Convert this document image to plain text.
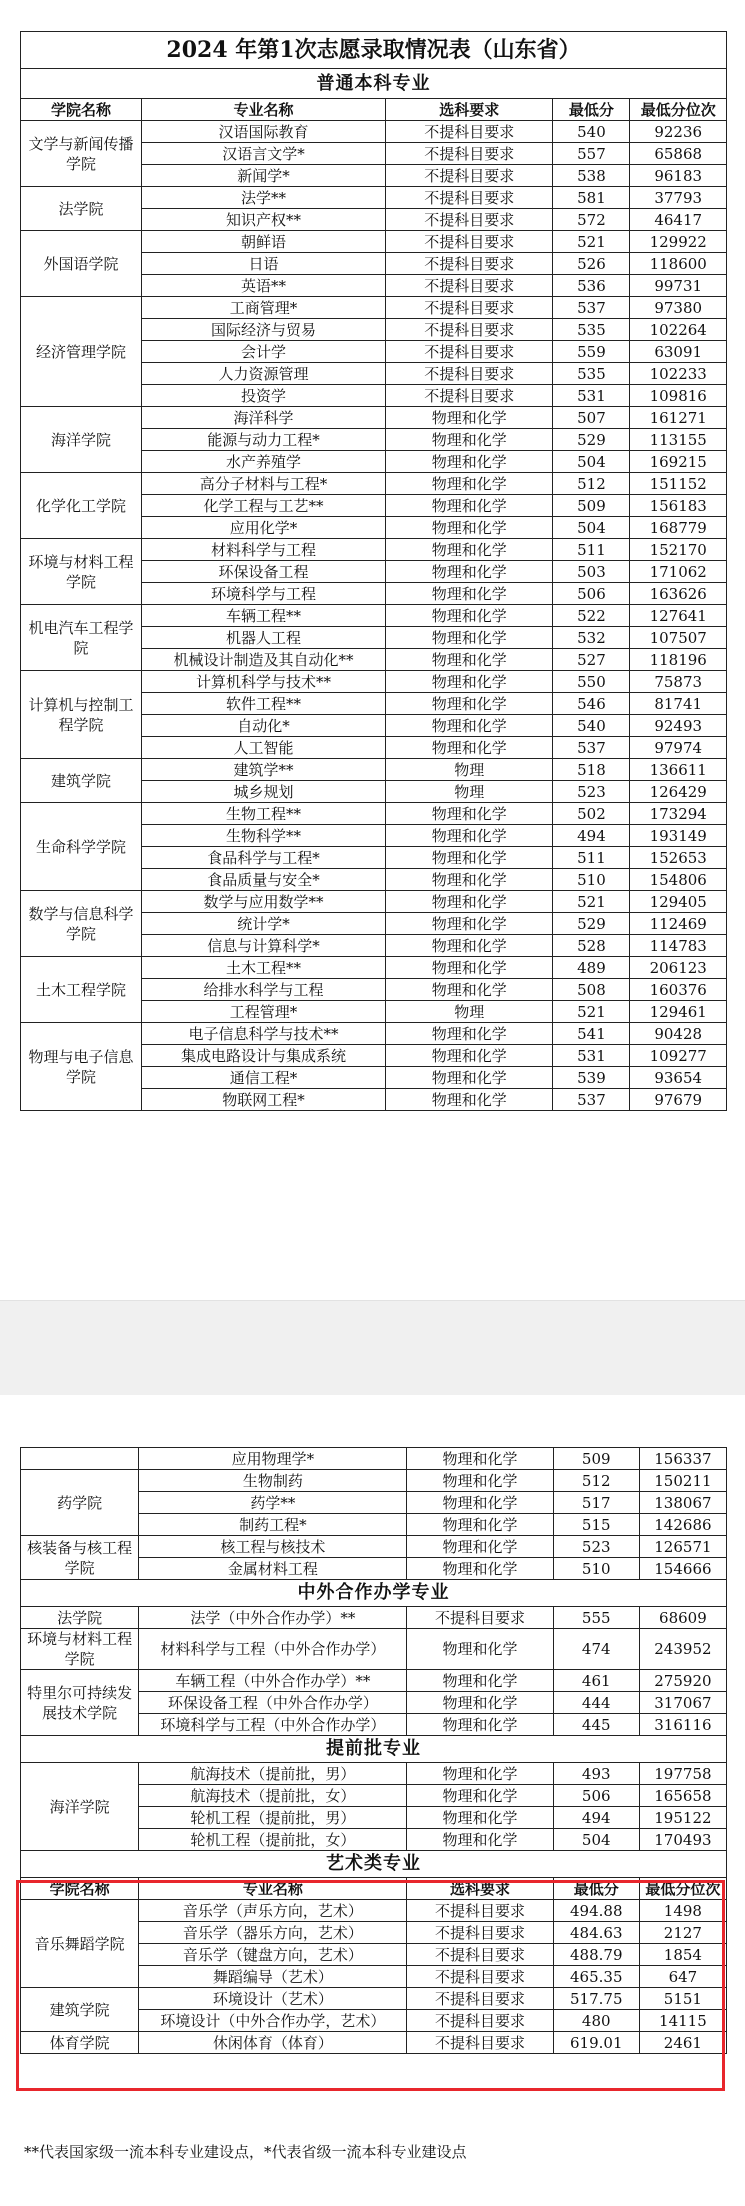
2024 年第1次志愿录取情况表（山东省）				
普通本科专业				
学院名称	专业名称	选科要求	最低分	最低分位次
文学与新闻传播学院	汉语国际教育	不提科目要求	540	92236
	汉语言文学*	不提科目要求	557	65868
	新闻学*	不提科目要求	538	96183
法学院	法学**	不提科目要求	581	37793
	知识产权**	不提科目要求	572	46417
外国语学院	朝鲜语	不提科目要求	521	129922
	日语	不提科目要求	526	118600
	英语**	不提科目要求	536	99731
经济管理学院	工商管理*	不提科目要求	537	97380
	国际经济与贸易	不提科目要求	535	102264
	会计学	不提科目要求	559	63091
	人力资源管理	不提科目要求	535	102233
	投资学	不提科目要求	531	109816
海洋学院	海洋科学	物理和化学	507	161271
	能源与动力工程*	物理和化学	529	113155
	水产养殖学	物理和化学	504	169215
化学化工学院	高分子材料与工程*	物理和化学	512	151152
	化学工程与工艺**	物理和化学	509	156183
	应用化学*	物理和化学	504	168779
环境与材料工程学院	材料科学与工程	物理和化学	511	152170
	环保设备工程	物理和化学	503	171062
	环境科学与工程	物理和化学	506	163626
机电汽车工程学院	车辆工程**	物理和化学	522	127641
	机器人工程	物理和化学	532	107507
	机械设计制造及其自动化**	物理和化学	527	118196
计算机与控制工程学院	计算机科学与技术**	物理和化学	550	75873
	软件工程**	物理和化学	546	81741
	自动化*	物理和化学	540	92493
	人工智能	物理和化学	537	97974
建筑学院	建筑学**	物理	518	136611
	城乡规划	物理	523	126429
生命科学学院	生物工程**	物理和化学	502	173294
	生物科学**	物理和化学	494	193149
	食品科学与工程*	物理和化学	511	152653
	食品质量与安全*	物理和化学	510	154806
数学与信息科学学院	数学与应用数学**	物理和化学	521	129405
	统计学*	物理和化学	529	112469
	信息与计算科学*	物理和化学	528	114783
土木工程学院	土木工程**	物理和化学	489	206123
	给排水科学与工程	物理和化学	508	160376
	工程管理*	物理	521	129461
物理与电子信息学院	电子信息科学与技术**	物理和化学	541	90428
	集成电路设计与集成系统	物理和化学	531	109277
	通信工程*	物理和化学	539	93654
	物联网工程*	物理和化学	537	97679
	应用物理学*	物理和化学	509	156337
药学院	生物制药	物理和化学	512	150211
	药学**	物理和化学	517	138067
	制药工程*	物理和化学	515	142686
核装备与核工程学院	核工程与核技术	物理和化学	523	126571
	金属材料工程	物理和化学	510	154666
中外合作办学专业				
法学院	法学（中外合作办学）**	不提科目要求	555	68609
环境与材料工程学院	材料科学与工程（中外合作办学）	物理和化学	474	243952
特里尔可持续发展技术学院	车辆工程（中外合作办学）**	物理和化学	461	275920
	环保设备工程（中外合作办学）	物理和化学	444	317067
	环境科学与工程（中外合作办学）	物理和化学	445	316116
提前批专业				
海洋学院	航海技术（提前批，男）	物理和化学	493	197758
	航海技术（提前批，女）	物理和化学	506	165658
	轮机工程（提前批，男）	物理和化学	494	195122
	轮机工程（提前批，女）	物理和化学	504	170493
艺术类专业				
学院名称	专业名称	选科要求	最低分	最低分位次
音乐舞蹈学院	音乐学（声乐方向，艺术）	不提科目要求	494.88	1498
	音乐学（器乐方向，艺术）	不提科目要求	484.63	2127
	音乐学（键盘方向，艺术）	不提科目要求	488.79	1854
	舞蹈编导（艺术）	不提科目要求	465.35	647
建筑学院	环境设计（艺术）	不提科目要求	517.75	5151
	环境设计（中外合作办学，艺术）	不提科目要求	480	14115
体育学院	休闲体育（体育）	不提科目要求	619.01	2461
**代表国家级一流本科专业建设点，*代表省级一流本科专业建设点
